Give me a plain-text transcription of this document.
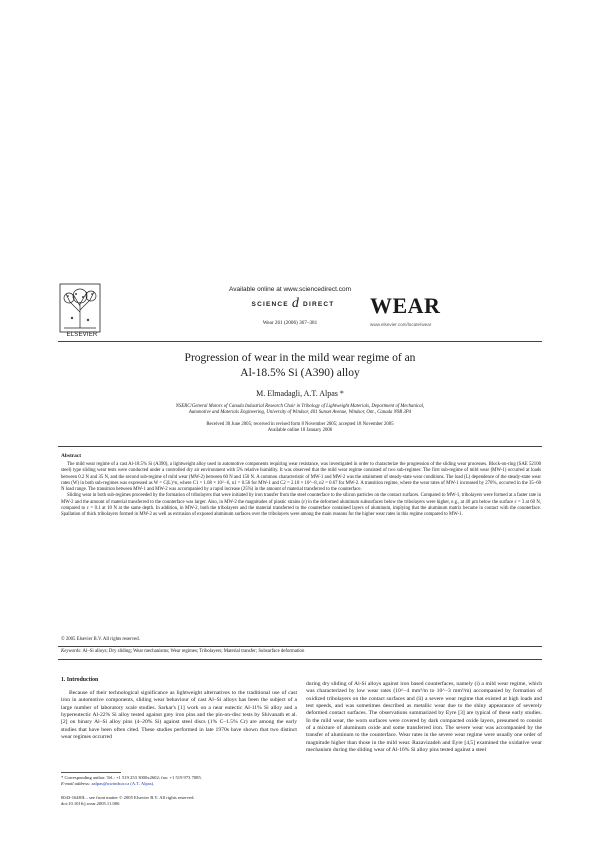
ELSEVIER
Available online at www.sciencedirect.com
SCIENCE d DIRECT
Wear 261 (2006) 367–381
WEAR
www.elsevier.com/locate/wear
Progression of wear in the mild wear regime of an
Al-18.5% Si (A390) alloy
M. Elmadagli, A.T. Alpas *
NSERC/General Motors of Canada Industrial Research Chair in Tribology of Lightweight Materials, Department of Mechanical,
Automotive and Materials Engineering, University of Windsor, 401 Sunset Avenue, Windsor, Ont., Canada N9B 3P4
Received 30 June 2005; received in revised form 8 November 2005; accepted 18 November 2005
Available online 18 January 2006
Abstract

The mild wear regime of a cast Al-18.5% Si (A390), a lightweight alloy used in automotive components requiring wear resistance, was investigated in order to characterize the progression of the sliding wear processes. Block-on-ring (SAE 52100 steel) type sliding wear tests were conducted under a controlled dry air environment with 5% relative humidity. It was observed that the mild wear regime consisted of two sub-regimes: The first sub-regime of mild wear (MW-1) occurred at loads between 0.2 N and 35 N, and the second sub-regime of mild wear (MW-2) between 60 N and 150 N. A common characteristic of MW-1 and MW-2 was the attainment of steady-state wear conditions. The load (L) dependence of the steady-state wear rates (W) in both sub-regimes was expressed as W = C(L)^n, where C1 = 1.08 × 10^−6, n1 = 0.56 for MW-1 and C2 = 2.18 × 10^−8, n2 = 0.67 for MW-2. A transition regime, where the wear rates of MW-1 increased by 270%, occurred in the 35–60 N load range. The transition between MW-1 and MW-2 was accompanied by a rapid increase (25%) in the amount of material transferred to the counterface.

Sliding wear in both sub-regimes proceeded by the formation of tribolayers that were initiated by iron transfer from the steel counterface to the silicon particles on the contact surfaces. Compared to MW-1, tribolayers were formed at a faster rate in MW-2 and the amount of material transferred to the counterface was larger. Also, in MW-2 the magnitudes of plastic strains (ε) in the deformed aluminum subsurfaces below the tribolayers were higher, e.g., at 40 µm below the surface ε = 3 at 60 N, compared to ε = 0.1 at 10 N at the same depth. In addition, in MW-2, both the tribolayers and the material transferred to the counterface contained layers of aluminum, implying that the aluminum matrix became in contact with the counterface. Spallation of thick tribolayers formed in MW-2 as well as extrusion of exposed aluminum surfaces over the tribolayers were among the main reasons for the higher wear rates in this regime compared to MW-1.

© 2005 Elsevier B.V. All rights reserved.
Keywords: Al–Si alloys; Dry sliding; Wear mechanisms; Wear regimes; Tribolayers; Material transfer; Subsurface deformation
1. Introduction

Because of their technological significance as lightweight alternatives to the traditional use of cast iron in automotive components, sliding wear behaviour of cast Al–Si alloys has been the subject of a large number of laboratory scale studies. Sarkar's [1] work on a near eutectic Al-11% Si alloy and a hypereutectic Al-22% Si alloy tested against grey iron pins and the pin-on-disc tests by Shivanath et al. [2] on binary Al–Si alloy pins (4–20% Si) against steel discs (1% C–1.5% Cr) are among the early studies that have been often cited. These studies performed in late 1970s have shown that two distinct wear regimes occurred

during dry sliding of Al-Si alloys against iron based counterfaces, namely (i) a mild wear regime, which was characterized by low wear rates (10^−4 mm³/m to 10^−3 mm³/m) accompanied by formation of oxidized tribolayers on the contact surfaces and (ii) a severe wear regime that existed at high loads and test speeds, and was sometimes described as metallic wear due to the shiny appearance of severely deformed contact surfaces. The observations summarized by Eyre [3] are typical of these early studies. In the mild wear, the worn surfaces were covered by dark compacted oxide layers, presumed to consist of a mixture of aluminum oxide and some transferred iron. The severe wear was accompanied by the transfer of aluminum to the counterface. Wear rates in the severe wear regime were usually one order of magnitude higher than those in the mild wear. Razavizadeh and Eyre [4,5] examined the oxidative wear mechanism during the sliding wear of Al-16% Si alloy pins tested against a steel

* Corresponding author. Tel.: +1 519 253 3000x2602; fax: +1 519 973 7085.
E-mail address: aalpas@uwindsor.ca (A.T. Alpas).
0043-1648/$ – see front matter © 2005 Elsevier B.V. All rights reserved.
doi:10.1016/j.wear.2005.11.006
